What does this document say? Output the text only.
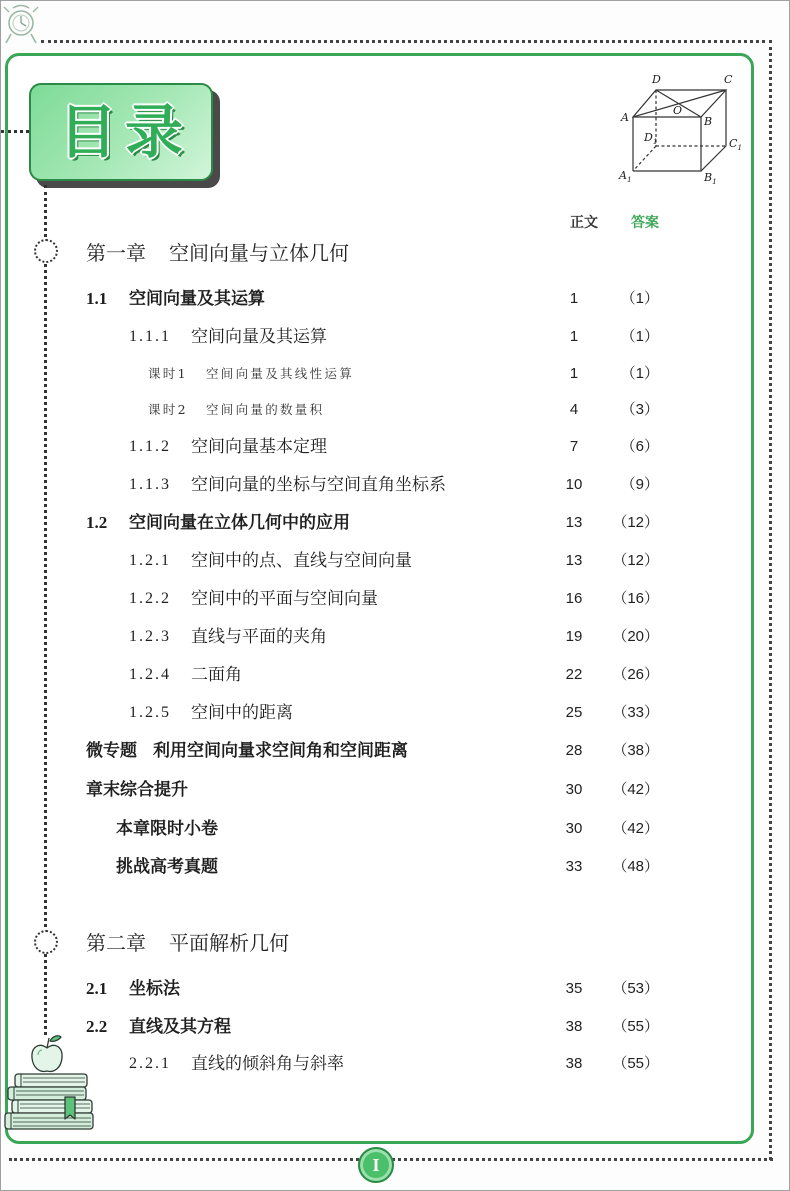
目录
D	C
A
O
B
$D_1$	$C_1$
$A_1$	$B_1$
正文	答案
第一章 空间向量与立体几何
1.1 空间向量及其运算	1	（1）
1.1.1 空间向量及其运算	1	（1）
课时1 空间向量及其线性运算	1	（1）
课时2 空间向量的数量积	4	（3）
1.1.2 空间向量基本定理	7	（6）
1.1.3 空间向量的坐标与空间直角坐标系	10	（9）
1.2 空间向量在立体几何中的应用	13	（12）
1.2.1 空间中的点、直线与空间向量	13	（12）
1.2.2 空间中的平面与空间向量	16	（16）
1.2.3 直线与平面的夹角	19	（20）
1.2.4 二面角	22	（26）
1.2.5 空间中的距离	25	（33）
微专题 利用空间向量求空间角和空间距离	28	（38）
章末综合提升	30	（42）
本章限时小卷	30	（42）
挑战高考真题	33	（48）
第二章 平面解析几何
2.1 坐标法	35	（53）
2.2 直线及其方程	38	（55）
2.2.1 直线的倾斜角与斜率	38	（55）
I
